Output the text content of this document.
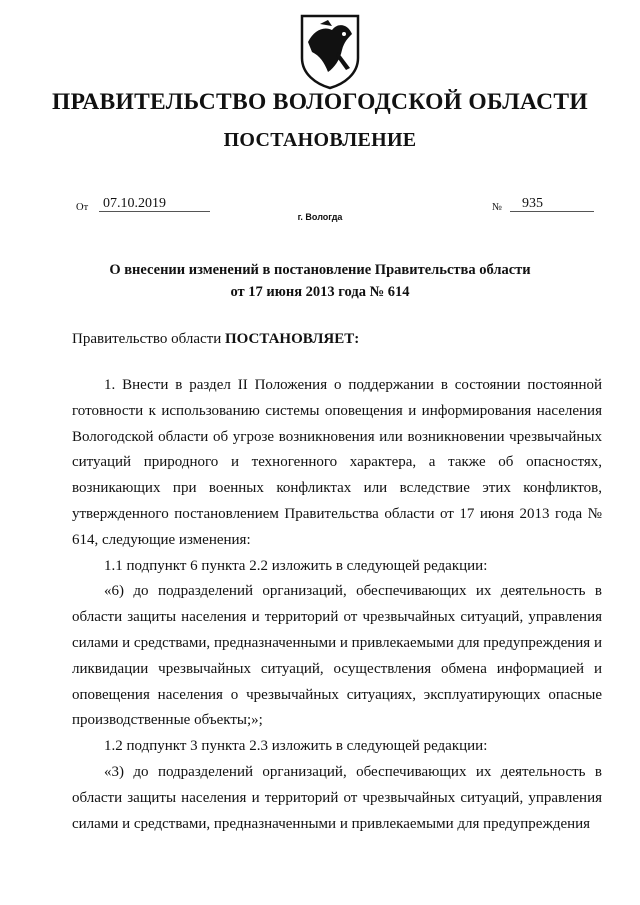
ПРАВИТЕЛЬСТВО ВОЛОГОДСКОЙ ОБЛАСТИ
ПОСТАНОВЛЕНИЕ
От 07.10.2019	№	935
г. Вологда
О внесении изменений в постановление Правительства области
от 17 июня 2013 года № 614
Правительство области ПОСТАНОВЛЯЕТ:

1. Внести в раздел II Положения о поддержании в состоянии постоянной готовности к использованию системы оповещения и информирования населения Вологодской области об угрозе возникновения или возникновении чрезвычайных ситуаций природного и техногенного характера, а также об опасностях, возникающих при военных конфликтах или вследствие этих конфликтов, утвержденного постановлением Правительства области от 17 июня 2013 года № 614, следующие изменения:

1.1 подпункт 6 пункта 2.2 изложить в следующей редакции:

«6) до подразделений организаций, обеспечивающих их деятельность в области защиты населения и территорий от чрезвычайных ситуаций, управления силами и средствами, предназначенными и привлекаемыми для предупреждения и ликвидации чрезвычайных ситуаций, осуществления обмена информацией и оповещения населения о чрезвычайных ситуациях, эксплуатирующих опасные производственные объекты;»;

1.2 подпункт 3 пункта 2.3 изложить в следующей редакции:

«3) до подразделений организаций, обеспечивающих их деятельность в области защиты населения и территорий от чрезвычайных ситуаций, управления силами и средствами, предназначенными и привлекаемыми для предупреждения
